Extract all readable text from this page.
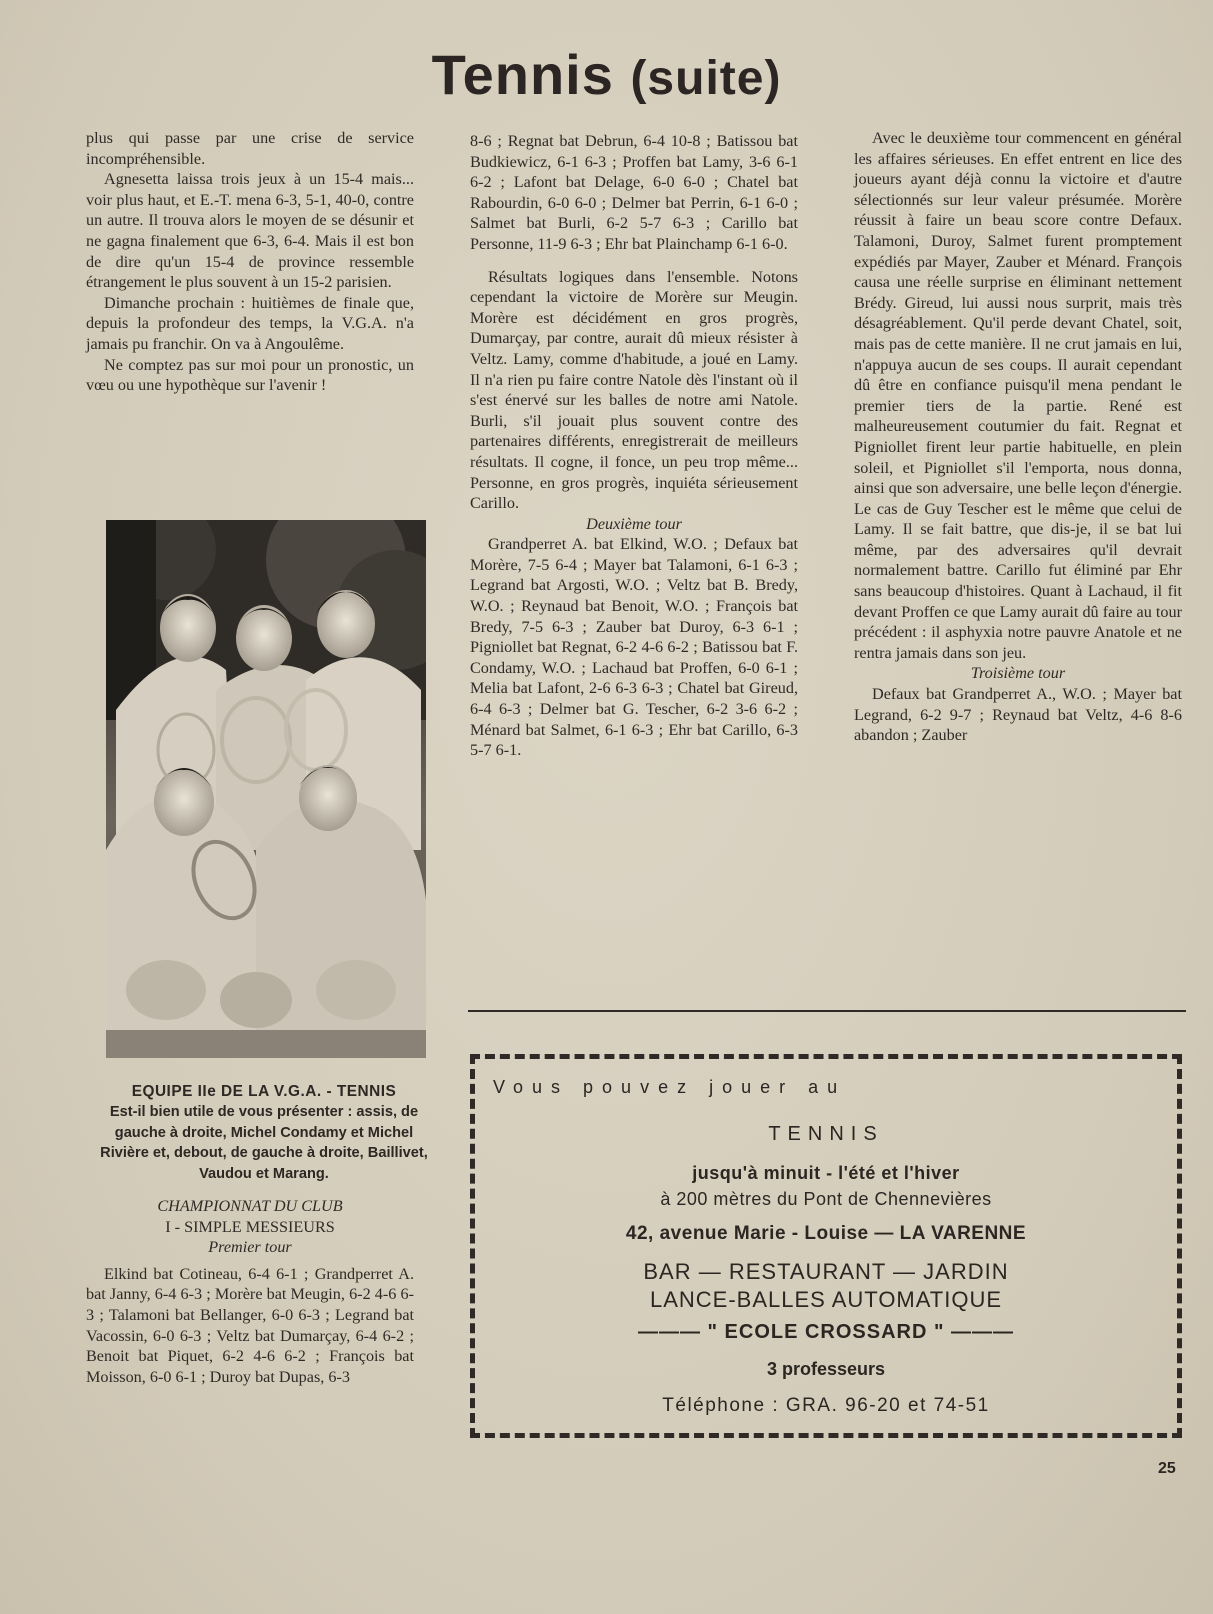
Tennis (suite)

plus qui passe par une crise de service incompréhensible.

Agnesetta laissa trois jeux à un 15-4 mais... voir plus haut, et E.-T. mena 6-3, 5-1, 40-0, contre un autre. Il trouva alors le moyen de se désunir et ne gagna finalement que 6-3, 6-4. Mais il est bon de dire qu'un 15-4 de province ressemble étrangement le plus souvent à un 15-2 parisien.

Dimanche prochain : huitièmes de finale que, depuis la profondeur des temps, la V.G.A. n'a jamais pu franchir. On va à Angoulême.

Ne comptez pas sur moi pour un pronostic, un vœu ou une hypothèque sur l'avenir !

EQUIPE IIe DE LA V.G.A. - TENNIS
Est-il bien utile de vous présenter : assis, de gauche à droite, Michel Condamy et Michel Rivière et, debout, de gauche à droite, Baillivet, Vaudou et Marang.

CHAMPIONNAT DU CLUB

I - SIMPLE MESSIEURS

Premier tour

Elkind bat Cotineau, 6-4 6-1 ; Grandperret A. bat Janny, 6-4 6-3 ; Morère bat Meugin, 6-2 4-6 6-3 ; Talamoni bat Bellanger, 6-0 6-3 ; Legrand bat Vacossin, 6-0 6-3 ; Veltz bat Dumarçay, 6-4 6-2 ; Benoit bat Piquet, 6-2 4-6 6-2 ; François bat Moisson, 6-0 6-1 ; Duroy bat Dupas, 6-3

8-6 ; Regnat bat Debrun, 6-4 10-8 ; Batissou bat Budkiewicz, 6-1 6-3 ; Proffen bat Lamy, 3-6 6-1 6-2 ; Lafont bat Delage, 6-0 6-0 ; Chatel bat Rabourdin, 6-0 6-0 ; Delmer bat Perrin, 6-1 6-0 ; Salmet bat Burli, 6-2 5-7 6-3 ; Carillo bat Personne, 11-9 6-3 ; Ehr bat Plainchamp 6-1 6-0.

Résultats logiques dans l'ensemble. Notons cependant la victoire de Morère sur Meugin. Morère est décidément en gros progrès, Dumarçay, par contre, aurait dû mieux résister à Veltz. Lamy, comme d'habitude, a joué en Lamy. Il n'a rien pu faire contre Natole dès l'instant où il s'est énervé sur les balles de notre ami Natole. Burli, s'il jouait plus souvent contre des partenaires différents, enregistrerait de meilleurs résultats. Il cogne, il fonce, un peu trop même... Personne, en gros progrès, inquiéta sérieusement Carillo.

Deuxième tour

Grandperret A. bat Elkind, W.O. ; Defaux bat Morère, 7-5 6-4 ; Mayer bat Talamoni, 6-1 6-3 ; Legrand bat Argosti, W.O. ; Veltz bat B. Bredy, W.O. ; Reynaud bat Benoit, W.O. ; François bat Bredy, 7-5 6-3 ; Zauber bat Duroy, 6-3 6-1 ; Pigniollet bat Regnat, 6-2 4-6 6-2 ; Batissou bat F. Condamy, W.O. ; Lachaud bat Proffen, 6-0 6-1 ; Melia bat Lafont, 2-6 6-3 6-3 ; Chatel bat Gireud, 6-4 6-3 ; Delmer bat G. Tescher, 6-2 3-6 6-2 ; Ménard bat Salmet, 6-1 6-3 ; Ehr bat Carillo, 6-3 5-7 6-1.

Avec le deuxième tour commencent en général les affaires sérieuses. En effet entrent en lice des joueurs ayant déjà connu la victoire et d'autre sélectionnés sur leur valeur présumée. Morère réussit à faire un beau score contre Defaux. Talamoni, Duroy, Salmet furent promptement expédiés par Mayer, Zauber et Ménard. François causa une réelle surprise en éliminant nettement Brédy. Gireud, lui aussi nous surprit, mais très désagréablement. Qu'il perde devant Chatel, soit, mais pas de cette manière. Il ne crut jamais en lui, n'appuya aucun de ses coups. Il aurait cependant dû être en confiance puisqu'il mena pendant le premier tiers de la partie. René est malheureusement coutumier du fait. Regnat et Pigniollet firent leur partie habituelle, en plein soleil, et Pigniollet s'il l'emporta, nous donna, ainsi que son adversaire, une belle leçon d'énergie. Le cas de Guy Tescher est le même que celui de Lamy. Il se fait battre, que dis-je, il se bat lui même, par des adversaires qu'il devrait normalement battre. Carillo fut éliminé par Ehr sans beaucoup d'histoires. Quant à Lachaud, il fit devant Proffen ce que Lamy aurait dû faire au tour précédent : il asphyxia notre pauvre Anatole et ne rentra jamais dans son jeu.

Troisième tour

Defaux bat Grandperret A., W.O. ; Mayer bat Legrand, 6-2 9-7 ; Reynaud bat Veltz, 4-6 8-6 abandon ; Zauber

Vous pouvez jouer au
TENNIS
jusqu'à minuit - l'été et l'hiver
à 200 mètres du Pont de Chennevières
42, avenue Marie - Louise — LA VARENNE
BAR — RESTAURANT — JARDIN
LANCE-BALLES AUTOMATIQUE
——— " ECOLE CROSSARD " ———
3 professeurs
Téléphone : GRA. 96-20 et 74-51
25
